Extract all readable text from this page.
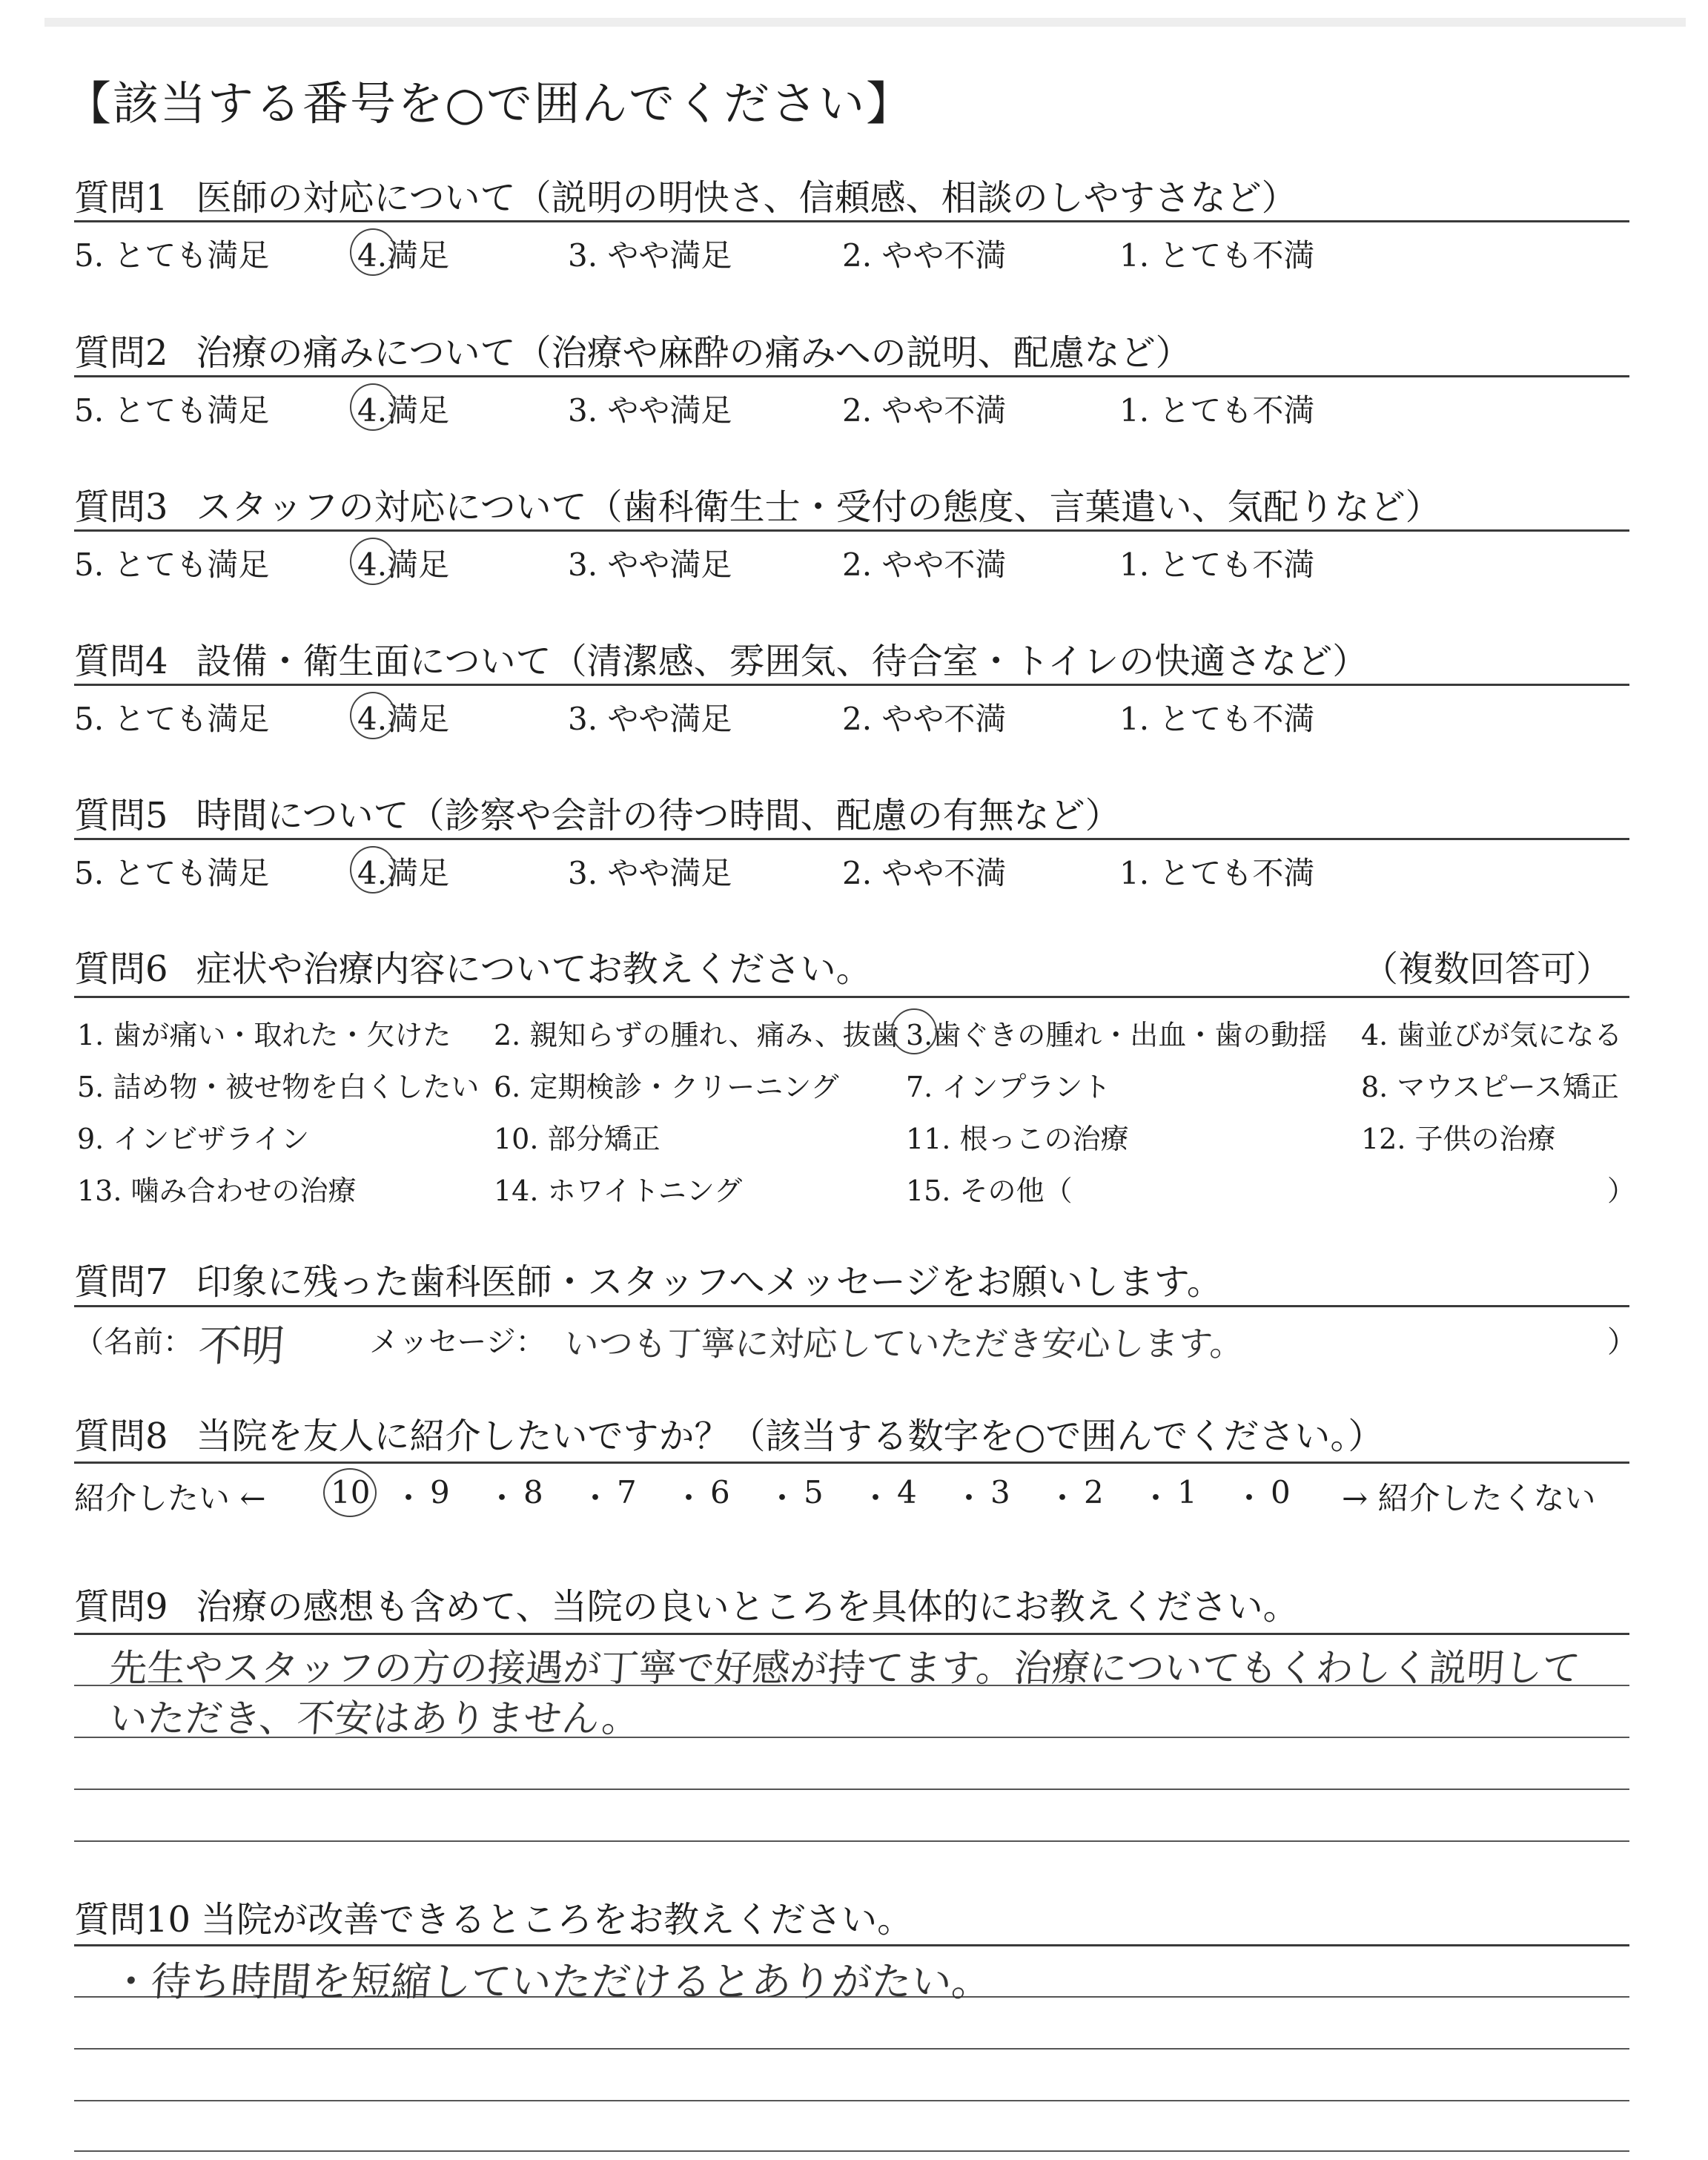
【該当する番号を○で囲んでください】
質問1 医師の対応について（説明の明快さ、信頼感、相談のしやすさなど）
5. とても満足	4.満足	3. やや満足	2. やや不満	1. とても不満
質問2 治療の痛みについて（治療や麻酔の痛みへの説明、配慮など）
5. とても満足	4.満足	3. やや満足	2. やや不満	1. とても不満
質問3 スタッフの対応について（歯科衛生士・受付の態度、言葉遣い、気配りなど）
5. とても満足	4.満足	3. やや満足	2. やや不満	1. とても不満
質問4 設備・衛生面について（清潔感、雰囲気、待合室・トイレの快適さなど）
5. とても満足	4.満足	3. やや満足	2. やや不満	1. とても不満
質問5 時間について（診察や会計の待つ時間、配慮の有無など）
5. とても満足	4.満足	3. やや満足	2. やや不満	1. とても不満
質問6 症状や治療内容についてお教えください。	（複数回答可）
1. 歯が痛い・取れた・欠けた 2. 親知らずの腫れ、痛み、抜歯 3.歯ぐきの腫れ・出血・歯の動揺 4. 歯並びが気になる
5. 詰め物・被せ物を白くしたい 6. 定期検診・クリーニング 7. インプラント	8. マウスピース矯正
9. インビザライン	10. 部分矯正	11. 根っこの治療	12. 子供の治療
13. 噛み合わせの治療	14. ホワイトニング	15. その他（	）
質問7 印象に残った歯科医師・スタッフへメッセージをお願いします。
（名前： 不明	メッセージ： いつも丁寧に対応していただき安心します。	）
質問8 当院を友人に紹介したいですか？（該当する数字を○で囲んでください。）
紹介したい ← 10 ・ 9 ・ 8 ・ 7 ・ 6 ・ 5 ・ 4 ・ 3 ・ 2 ・ 1 ・ 0 → 紹介したくない
質問9 治療の感想も含めて、当院の良いところを具体的にお教えください。
先生やスタッフの方の接遇が丁寧で好感が持てます。治療についてもくわしく説明して
いただき、不安はありません。
質問10 当院が改善できるところをお教えください。
・待ち時間を短縮していただけるとありがたい。
